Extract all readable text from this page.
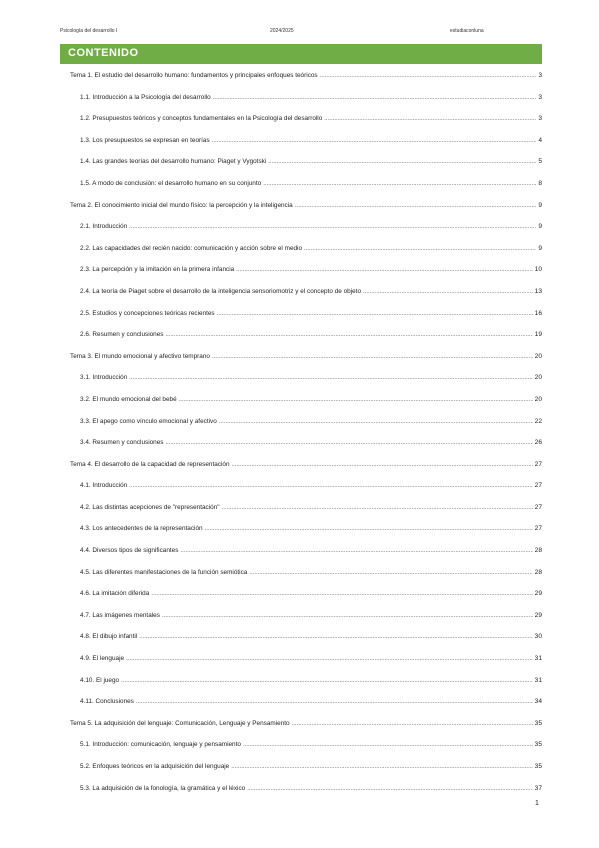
Psicología del desarrollo I	2024/2025	estudiaconluna
CONTENIDO
Tema 1. El estudio del desarrollo humano: fundamentos y principales enfoques teóricos .....	3
1.1. Introducción a la Psicología del desarrollo .....	3
1.2. Presupuestos teóricos y conceptos fundamentales en la Psicología del desarrollo .....	3
1.3. Los presupuestos se expresan en teorías .....	4
1.4. Las grandes teorías del desarrollo humano: Piaget y Vygotski .....	5
1.5. A modo de conclusión: el desarrollo humano en su conjunto .....	8
Tema 2. El conocimiento inicial del mundo físico: la percepción y la inteligencia .....	9
2.1. Introducción .....	9
2.2. Las capacidades del recién nacido: comunicación y acción sobre el medio .....	9
2.3. La percepción y la imitación en la primera infancia .....	10
2.4. La teoría de Piaget sobre el desarrollo de la inteligencia sensoriomotriz y el concepto de objeto .....	13
2.5. Estudios y concepciones teóricas recientes .....	16
2.6. Resumen y conclusiones .....	19
Tema 3. El mundo emocional y afectivo temprano .....	20
3.1. Introducción .....	20
3.2. El mundo emocional del bebé .....	20
3.3. El apego como vínculo emocional y afectivo .....	22
3.4. Resumen y conclusiones .....	26
Tema 4. El desarrollo de la capacidad de representación .....	27
4.1. Introducción .....	27
4.2. Las distintas acepciones de "representación" .....	27
4.3. Los antecedentes de la representación .....	27
4.4. Diversos tipos de significantes .....	28
4.5. Las diferentes manifestaciones de la función semiótica .....	28
4.6. La imitación diferida .....	29
4.7. Las imágenes mentales .....	29
4.8. El dibujo infantil .....	30
4.9. El lenguaje .....	31
4.10. El juego .....	31
4.11. Conclusiones .....	34
Tema 5. La adquisición del lenguaje: Comunicación, Lenguaje y Pensamiento .....	35
5.1. Introducción: comunicación, lenguaje y pensamiento .....	35
5.2. Enfoques teóricos en la adquisición del lenguaje .....	35
5.3. La adquisición de la fonología, la gramática y el léxico .....	37
1
